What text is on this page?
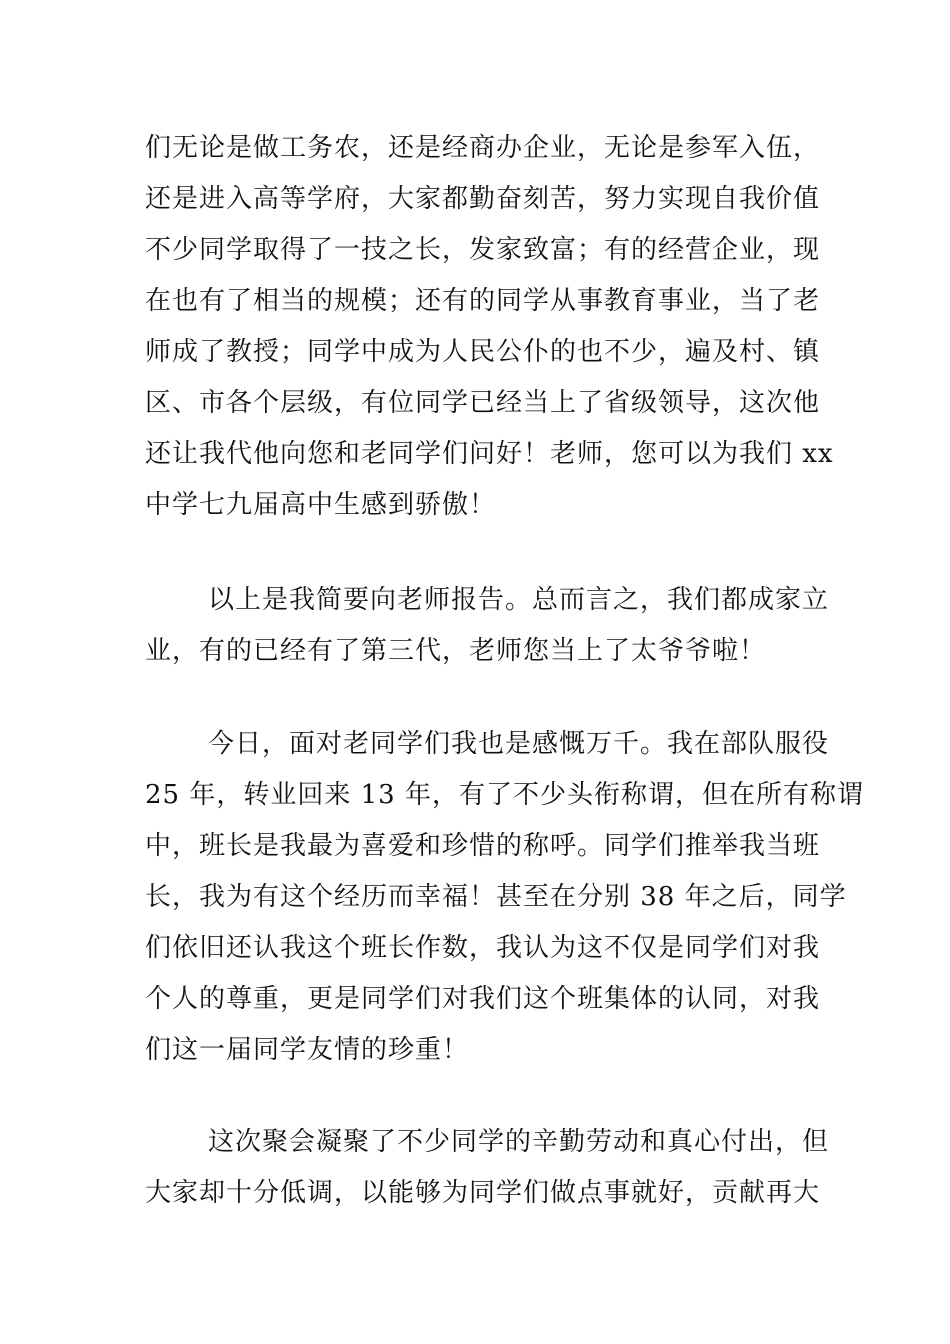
们无论是做工务农，还是经商办企业，无论是参军入伍，
还是进入高等学府，大家都勤奋刻苦，努力实现自我价值
不少同学取得了一技之长，发家致富；有的经营企业，现
在也有了相当的规模；还有的同学从事教育事业，当了老
师成了教授；同学中成为人民公仆的也不少，遍及村、镇
区、市各个层级，有位同学已经当上了省级领导，这次他
还让我代他向您和老同学们问好！老师，您可以为我们 xx
中学七九届高中生感到骄傲！
以上是我简要向老师报告。总而言之，我们都成家立
业，有的已经有了第三代，老师您当上了太爷爷啦！
今日，面对老同学们我也是感慨万千。我在部队服役
25 年，转业回来 13 年，有了不少头衔称谓，但在所有称谓
中，班长是我最为喜爱和珍惜的称呼。同学们推举我当班
长，我为有这个经历而幸福！甚至在分别 38 年之后，同学
们依旧还认我这个班长作数，我认为这不仅是同学们对我
个人的尊重，更是同学们对我们这个班集体的认同，对我
们这一届同学友情的珍重！
这次聚会凝聚了不少同学的辛勤劳动和真心付出，但
大家却十分低调，以能够为同学们做点事就好，贡献再大
